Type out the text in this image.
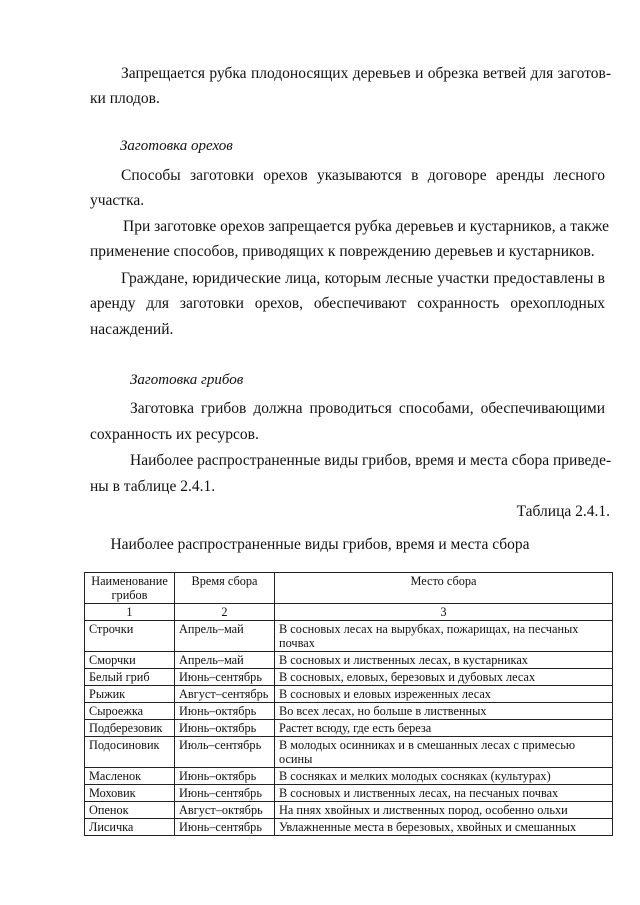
Запрещается рубка плодоносящих деревьев и обрезка ветвей для заготов-
ки плодов.
Заготовка орехов
Способы заготовки орехов указываются в договоре аренды лесного
участка.
При заготовке орехов запрещается рубка деревьев и кустарников, а также
применение способов, приводящих к повреждению деревьев и кустарников.
Граждане, юридические лица, которым лесные участки предоставлены в
аренду для заготовки орехов, обеспечивают сохранность орехоплодных
насаждений.
Заготовка грибов
Заготовка грибов должна проводиться способами, обеспечивающими
сохранность их ресурсов.
Наиболее распространенные виды грибов, время и места сбора приведе-
ны в таблице 2.4.1.
Таблица 2.4.1.
Наиболее распространенные виды грибов, время и места сбора
Наименование грибов	Время сбора	Место сбора
1	2	3
Строчки	Апрель–май	В сосновых лесах на вырубках, пожарищах, на песчаных почвах
Сморчки	Апрель–май	В сосновых и лиственных лесах, в кустарниках
Белый гриб	Июнь–сентябрь	В сосновых, еловых, березовых и дубовых лесах
Рыжик	Август–сентябрь	В сосновых и еловых изреженных лесах
Сыроежка	Июнь–октябрь	Во всех лесах, но больше в лиственных
Подберезовик	Июнь–октябрь	Растет всюду, где есть береза
Подосиновик	Июль–сентябрь	В молодых осинниках и в смешанных лесах с примесью осины
Масленок	Июнь–октябрь	В сосняках и мелких молодых сосняках (культурах)
Моховик	Июнь–сентябрь	В сосновых и лиственных лесах, на песчаных почвах
Опенок	Август–октябрь	На пнях хвойных и лиственных пород, особенно ольхи
Лисичка	Июнь–сентябрь	Увлажненные места в березовых, хвойных и смешанных
